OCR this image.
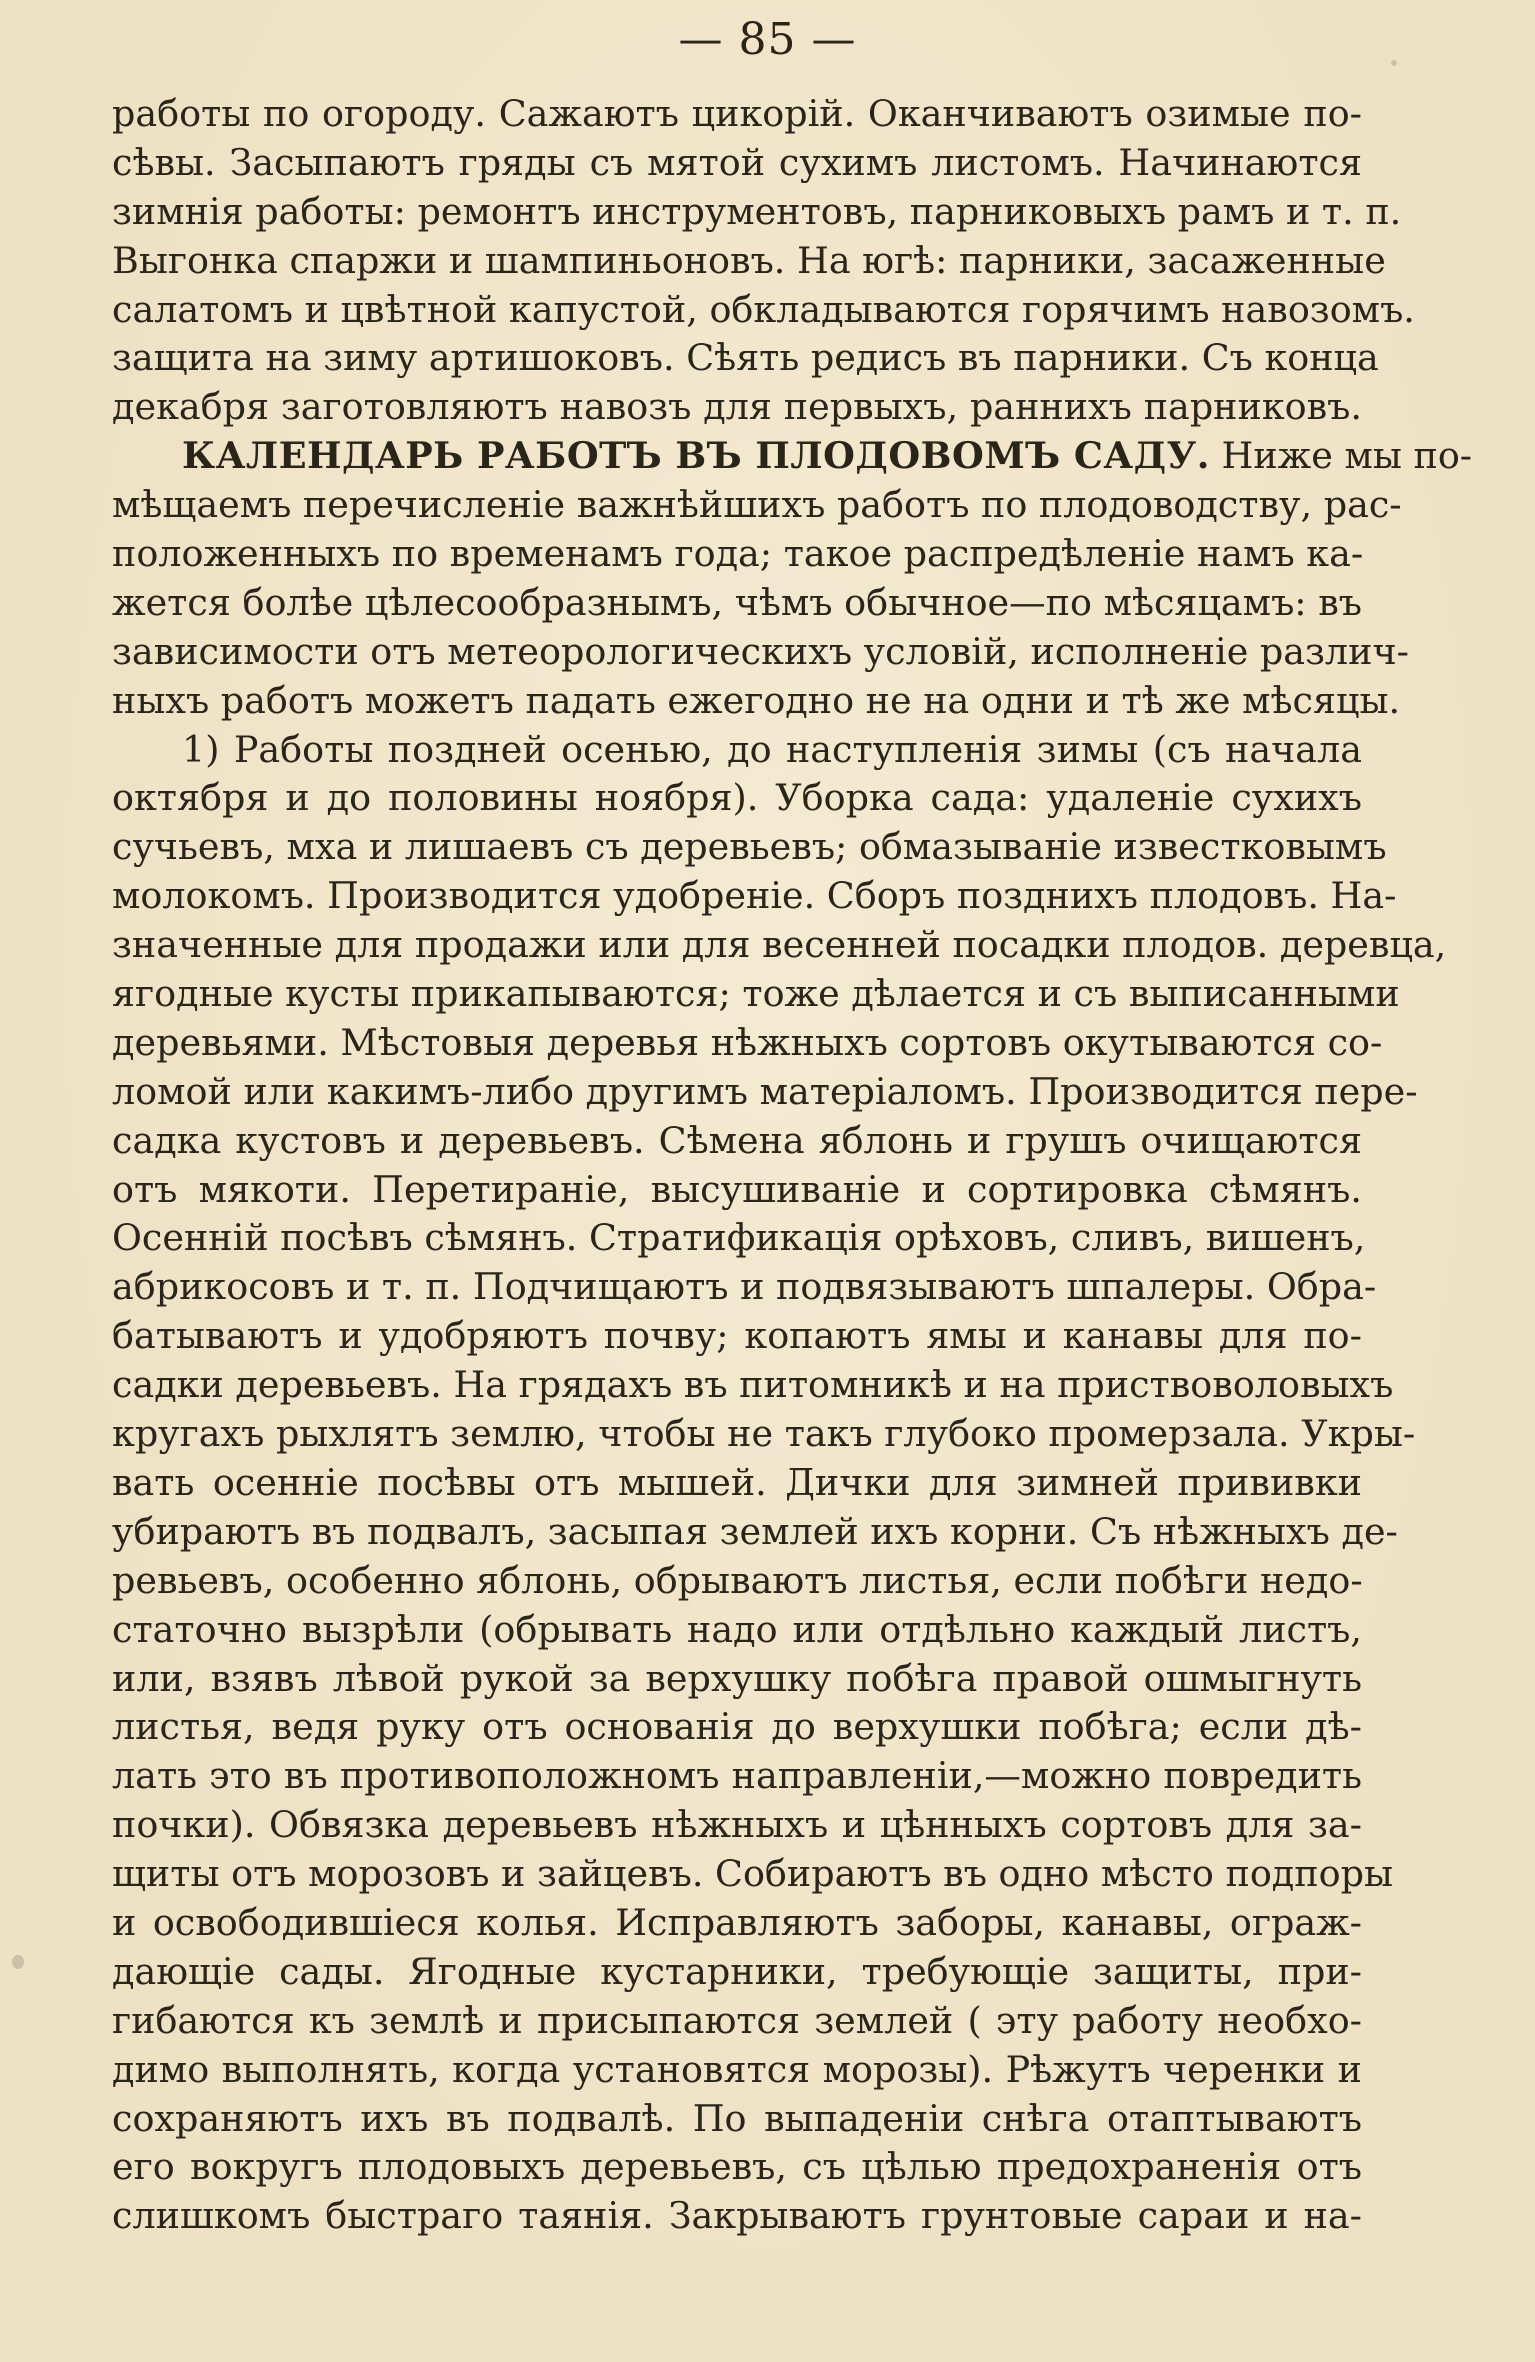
— 85 —
работы по огороду. Сажаютъ цикорій. Оканчиваютъ озимые по-
сѣвы. Засыпаютъ гряды съ мятой сухимъ листомъ. Начинаются
зимнія работы: ремонтъ инструментовъ, парниковыхъ рамъ и т. п.
Выгонка спаржи и шампиньоновъ. На югѣ: парники, засаженные
салатомъ и цвѣтной капустой, обкладываются горячимъ навозомъ.
защита на зиму артишоковъ. Сѣять редисъ въ парники. Съ конца
декабря заготовляютъ навозъ для первыхъ, раннихъ парниковъ.
КАЛЕНДАРЬ РАБОТЪ ВЪ ПЛОДОВОМЪ САДУ. Ниже мы по-
мѣщаемъ перечисленіе важнѣйшихъ работъ по плодоводству, рас-
положенныхъ по временамъ года; такое распредѣленіе намъ ка-
жется болѣе цѣлесообразнымъ, чѣмъ обычное—по мѣсяцамъ: въ
зависимости отъ метеорологическихъ условій, исполненіе различ-
ныхъ работъ можетъ падать ежегодно не на одни и тѣ же мѣсяцы.
1) Работы поздней осенью, до наступленія зимы (съ начала
октября и до половины ноября). Уборка сада: удаленіе сухихъ
сучьевъ, мха и лишаевъ съ деревьевъ; обмазываніе известковымъ
молокомъ. Производится удобреніе. Сборъ позднихъ плодовъ. На-
значенные для продажи или для весенней посадки плодов. деревца,
ягодные кусты прикапываются; тоже дѣлается и съ выписанными
деревьями. Мѣстовыя деревья нѣжныхъ сортовъ окутываются со-
ломой или какимъ-либо другимъ матеріаломъ. Производится пере-
садка кустовъ и деревьевъ. Сѣмена яблонь и грушъ очищаются
отъ мякоти. Перетираніе, высушиваніе и сортировка сѣмянъ.
Осенній посѣвъ сѣмянъ. Стратификація орѣховъ, сливъ, вишенъ,
абрикосовъ и т. п. Подчищаютъ и подвязываютъ шпалеры. Обра-
батываютъ и удобряютъ почву; копаютъ ямы и канавы для по-
садки деревьевъ. На грядахъ въ питомникѣ и на приствоволовыхъ
кругахъ рыхлятъ землю, чтобы не такъ глубоко промерзала. Укры-
вать осенніе посѣвы отъ мышей. Дички для зимней прививки
убираютъ въ подвалъ, засыпая землей ихъ корни. Съ нѣжныхъ де-
ревьевъ, особенно яблонь, обрываютъ листья, если побѣги недо-
статочно вызрѣли (обрывать надо или отдѣльно каждый листъ,
или, взявъ лѣвой рукой за верхушку побѣга правой ошмыгнуть
листья, ведя руку отъ основанія до верхушки побѣга; если дѣ-
лать это въ противоположномъ направленіи,—можно повредить
почки). Обвязка деревьевъ нѣжныхъ и цѣнныхъ сортовъ для за-
щиты отъ морозовъ и зайцевъ. Собираютъ въ одно мѣсто подпоры
и освободившіеся колья. Исправляютъ заборы, канавы, ограж-
дающіе сады. Ягодные кустарники, требующіе защиты, при-
гибаются къ землѣ и присыпаются землей ( эту работу необхо-
димо выполнять, когда установятся морозы). Рѣжутъ черенки и
сохраняютъ ихъ въ подвалѣ. По выпаденіи снѣга отаптываютъ
его вокругъ плодовыхъ деревьевъ, съ цѣлью предохраненія отъ
слишкомъ быстраго таянія. Закрываютъ грунтовые сараи и на-
